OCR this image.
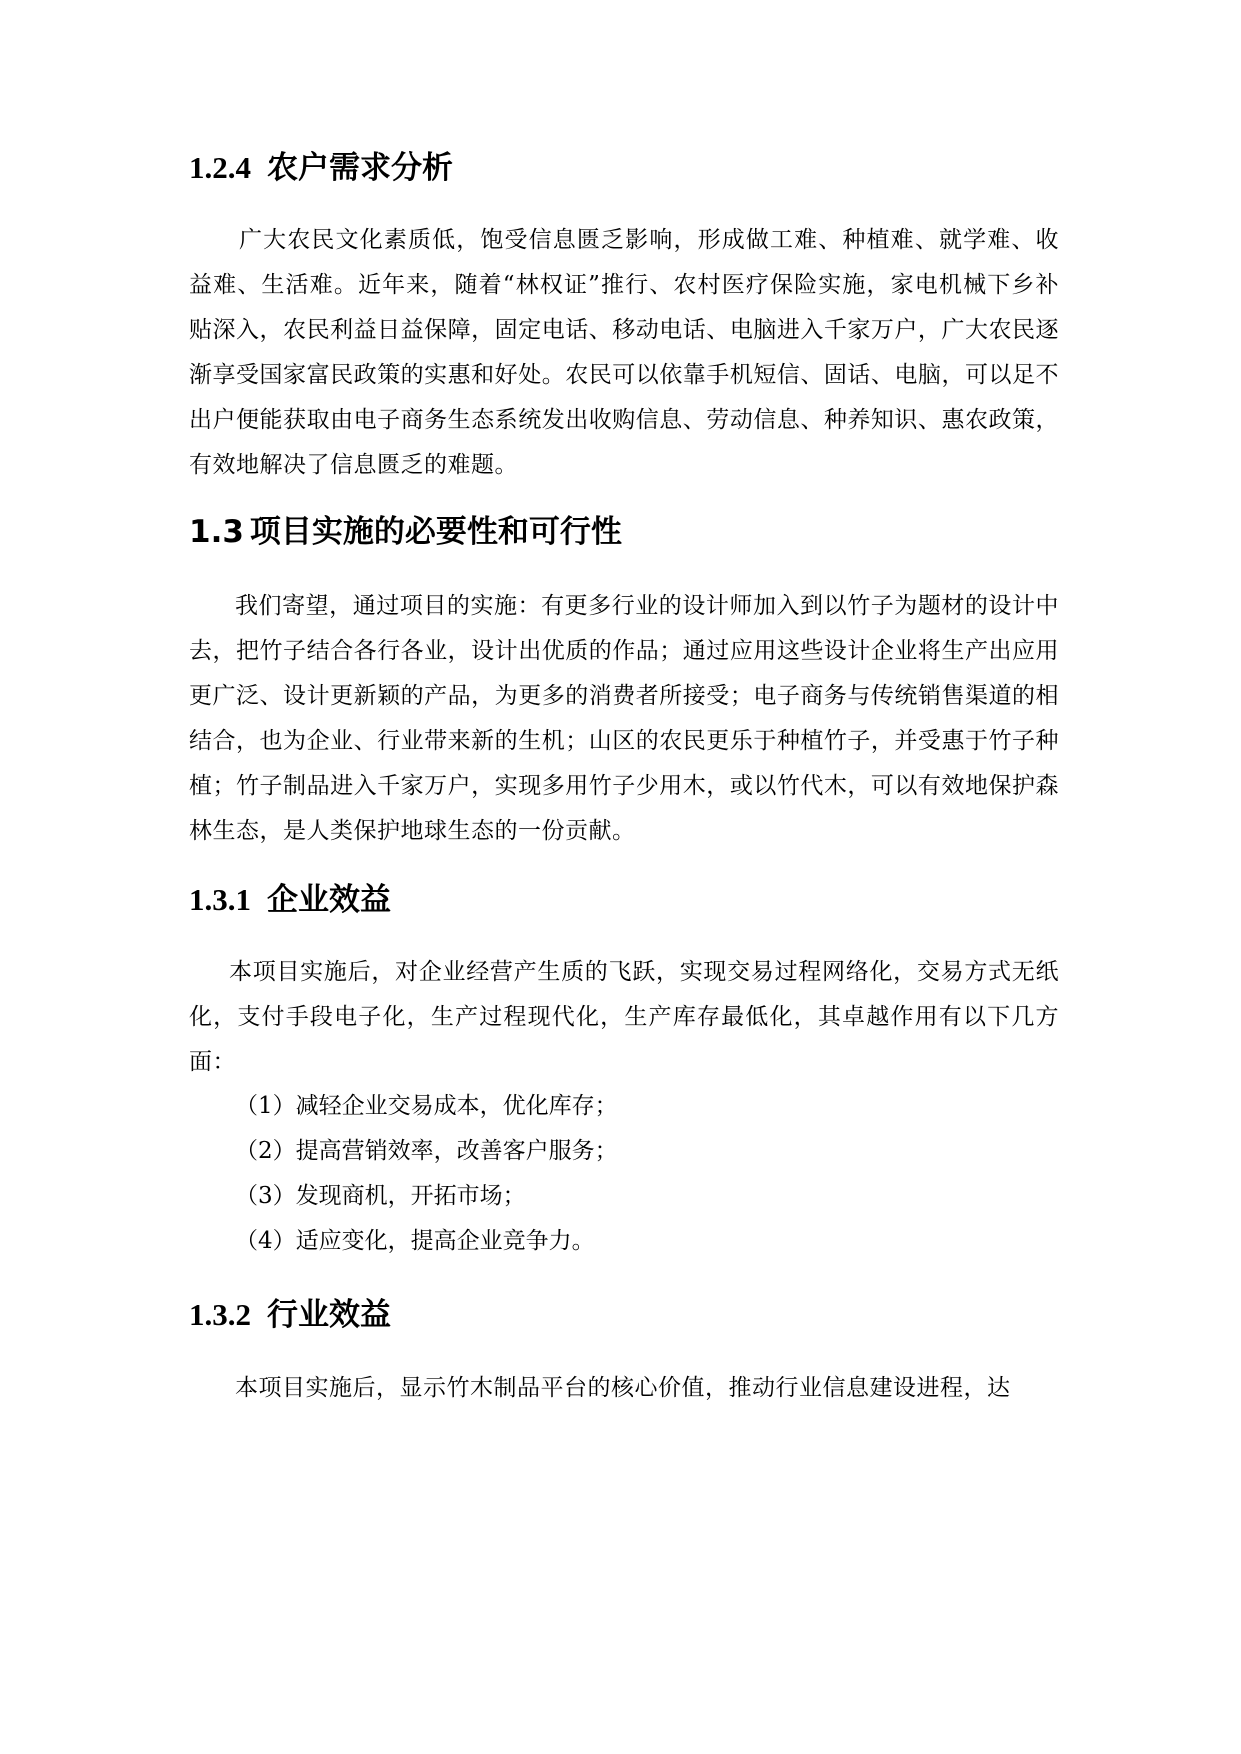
1.2.4 农户需求分析

广大农民文化素质低，饱受信息匮乏影响，形成做工难、种植难、就学难、收益难、生活难。近年来，随着“林权证”推行、农村医疗保险实施，家电机械下乡补贴深入，农民利益日益保障，固定电话、移动电话、电脑进入千家万户，广大农民逐渐享受国家富民政策的实惠和好处。农民可以依靠手机短信、固话、电脑，可以足不出户便能获取由电子商务生态系统发出收购信息、劳动信息、种养知识、惠农政策，有效地解决了信息匮乏的难题。

1.3 项目实施的必要性和可行性

我们寄望，通过项目的实施：有更多行业的设计师加入到以竹子为题材的设计中去，把竹子结合各行各业，设计出优质的作品；通过应用这些设计企业将生产出应用更广泛、设计更新颖的产品，为更多的消费者所接受；电子商务与传统销售渠道的相结合，也为企业、行业带来新的生机；山区的农民更乐于种植竹子，并受惠于竹子种植；竹子制品进入千家万户，实现多用竹子少用木，或以竹代木，可以有效地保护森林生态，是人类保护地球生态的一份贡献。

1.3.1 企业效益

本项目实施后，对企业经营产生质的飞跃，实现交易过程网络化，交易方式无纸化，支付手段电子化，生产过程现代化，生产库存最低化，其卓越作用有以下几方面：

（1）减轻企业交易成本，优化库存；
（2）提高营销效率，改善客户服务；
（3）发现商机，开拓市场；
（4）适应变化，提高企业竞争力。
1.3.2 行业效益

本项目实施后，显示竹木制品平台的核心价值，推动行业信息建设进程，达
